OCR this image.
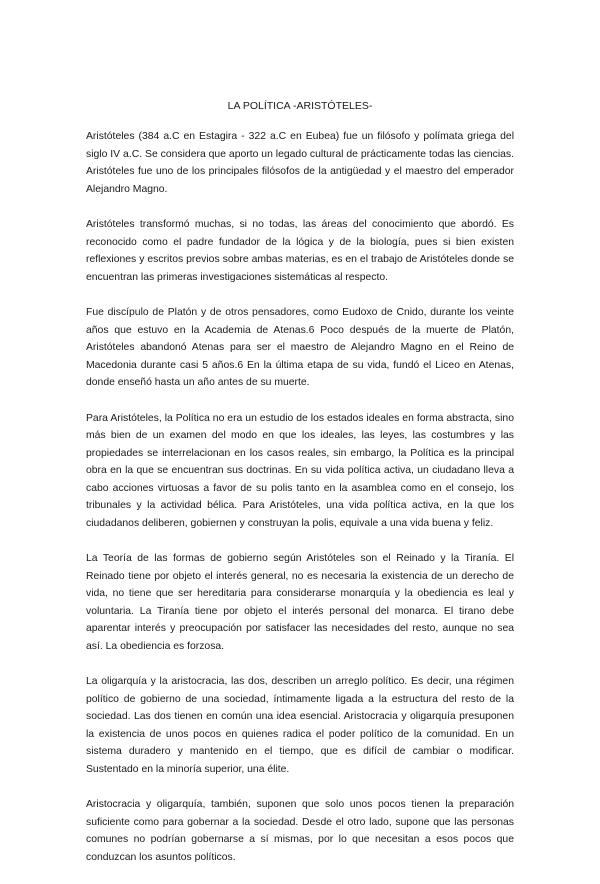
LA POLÍTICA -ARISTÓTELES-

Aristóteles (384 a.C en Estagira - 322 a.C en Eubea) fue un filósofo y polímata griega del siglo IV a.C. Se considera que aporto un legado cultural de prácticamente todas las ciencias. Aristóteles fue uno de los principales filósofos de la antigüedad y el maestro del emperador Alejandro Magno.

Aristóteles transformó muchas, si no todas, las áreas del conocimiento que abordó. Es reconocido como el padre fundador de la lógica y de la biología, pues si bien existen reflexiones y escritos previos sobre ambas materias, es en el trabajo de Aristóteles donde se encuentran las primeras investigaciones sistemáticas al respecto.

Fue discípulo de Platón y de otros pensadores, como Eudoxo de Cnido, durante los veinte años que estuvo en la Academia de Atenas.6 Poco después de la muerte de Platón, Aristóteles abandonó Atenas para ser el maestro de Alejandro Magno en el Reino de Macedonia durante casi 5 años.6 En la última etapa de su vida, fundó el Liceo en Atenas, donde enseñó hasta un año antes de su muerte.

Para Aristóteles, la Política no era un estudio de los estados ideales en forma abstracta, sino más bien de un examen del modo en que los ideales, las leyes, las costumbres y las propiedades se interrelacionan en los casos reales, sin embargo, la Política es la principal obra en la que se encuentran sus doctrinas. En su vida política activa, un ciudadano lleva a cabo acciones virtuosas a favor de su polis tanto en la asamblea como en el consejo, los tribunales y la actividad bélica. Para Aristóteles, una vida política activa, en la que los ciudadanos deliberen, gobiernen y construyan la polis, equivale a una vida buena y feliz.

La Teoría de las formas de gobierno según Aristóteles son el Reinado y la Tiranía. El Reinado tiene por objeto el interés general, no es necesaria la existencia de un derecho de vida, no tiene que ser hereditaria para considerarse monarquía y la obediencia es leal y voluntaria. La Tiranía tiene por objeto el interés personal del monarca. El tirano debe aparentar interés y preocupación por satisfacer las necesidades del resto, aunque no sea así. La obediencia es forzosa.

La oligarquía y la aristocracia, las dos, describen un arreglo político. Es decir, una régimen político de gobierno de una sociedad, íntimamente ligada a la estructura del resto de la sociedad. Las dos tienen en común una idea esencial. Aristocracia y oligarquía presuponen la existencia de unos pocos en quienes radica el poder político de la comunidad. En un sistema duradero y mantenido en el tiempo, que es difícil de cambiar o modificar. Sustentado en la minoría superior, una élite.

Aristocracia y oligarquía, también, suponen que solo unos pocos tienen la preparación suficiente como para gobernar a la sociedad. Desde el otro lado, supone que las personas comunes no podrían gobernarse a sí mismas, por lo que necesitan a esos pocos que conduzcan los asuntos políticos.
